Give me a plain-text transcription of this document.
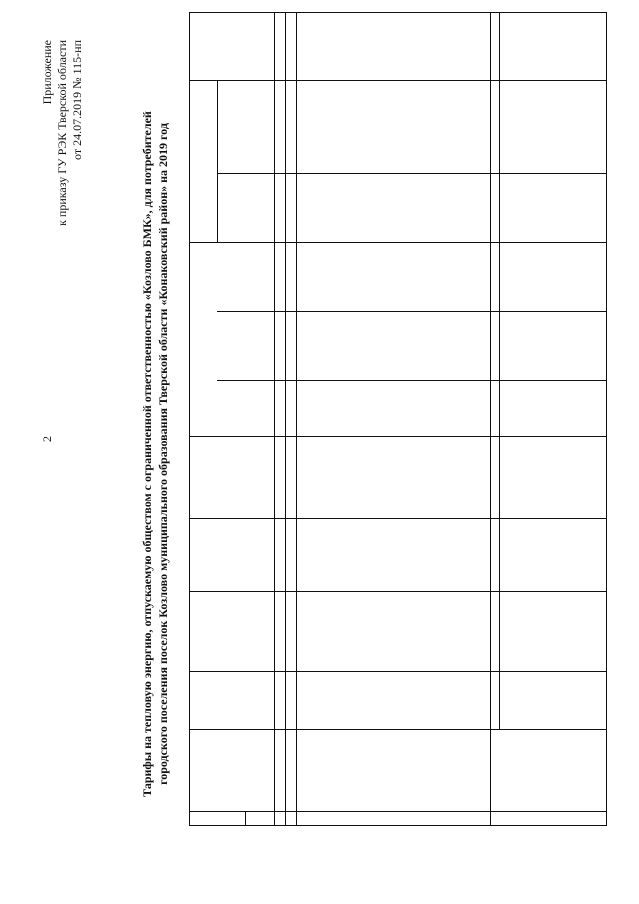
2
Приложение к приказу ГУ РЭК Тверской области от 24.07.2019 № 115-нп
Тарифы на тепловую энергию, отпускаемую обществом с ограниченной ответственностью «Козлово БМК», для потребителей городского поселения поселок Козлово муниципального образования Тверской области «Конаковский район» на 2019 год
